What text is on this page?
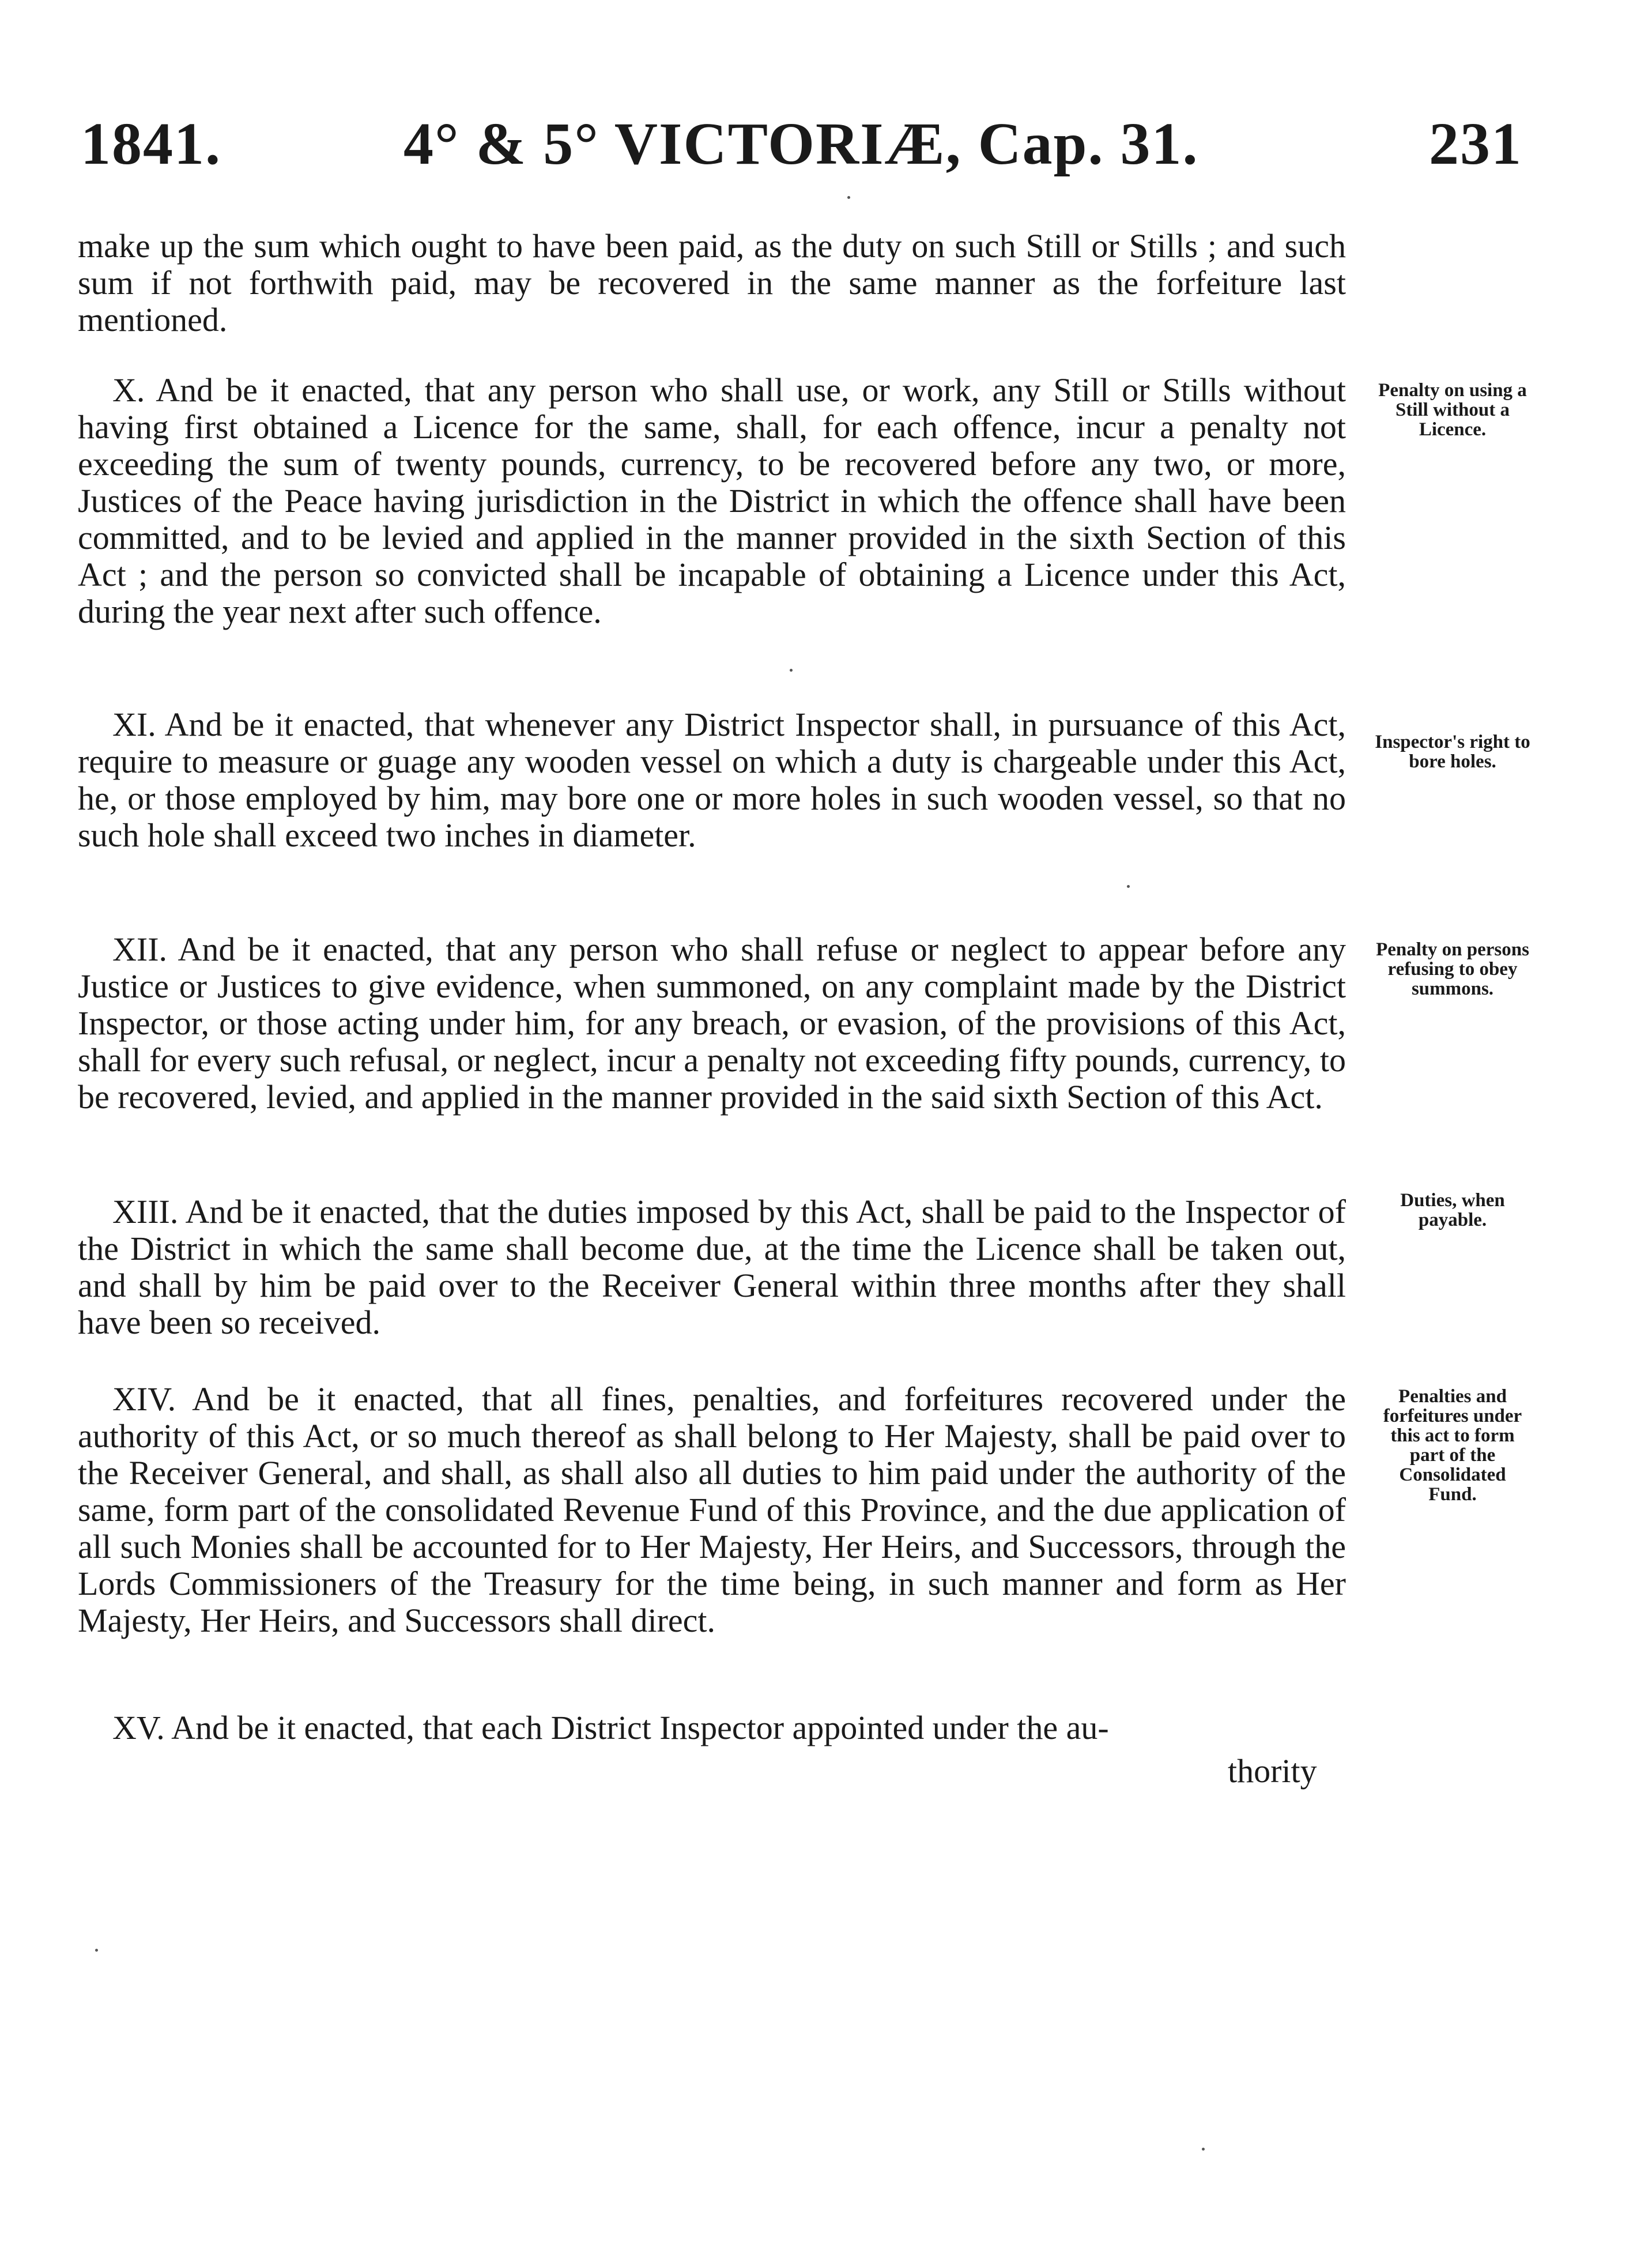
1841.	4° & 5° VICTORIÆ, Cap. 31.	231

make up the sum which ought to have been paid, as the duty on such Still or Stills ; and such sum if not forthwith paid, may be recovered in the same manner as the forfeiture last mentioned.

X. And be it enacted, that any person who shall use, or work, any Still or Stills without having first obtained a Licence for the same, shall, for each offence, incur a penalty not exceeding the sum of twenty pounds, currency, to be recovered before any two, or more, Justices of the Peace having jurisdiction in the District in which the offence shall have been committed, and to be levied and applied in the manner provided in the sixth Section of this Act ; and the person so convicted shall be incapable of obtaining a Licence under this Act, during the year next after such offence.

Penalty on using a Still without a Licence.

XI. And be it enacted, that whenever any District Inspector shall, in pursuance of this Act, require to measure or guage any wooden vessel on which a duty is chargeable under this Act, he, or those employed by him, may bore one or more holes in such wooden vessel, so that no such hole shall exceed two inches in diameter.

Inspector's right to bore holes.

XII. And be it enacted, that any person who shall refuse or neglect to appear before any Justice or Justices to give evidence, when summoned, on any complaint made by the District Inspector, or those acting under him, for any breach, or evasion, of the provisions of this Act, shall for every such refusal, or neglect, incur a penalty not exceeding fifty pounds, currency, to be recovered, levied, and applied in the manner provided in the said sixth Section of this Act.

Penalty on persons refusing to obey summons.

XIII. And be it enacted, that the duties imposed by this Act, shall be paid to the Inspector of the District in which the same shall become due, at the time the Licence shall be taken out, and shall by him be paid over to the Receiver General within three months after they shall have been so received.

Duties, when payable.

XIV. And be it enacted, that all fines, penalties, and forfeitures recovered under the authority of this Act, or so much thereof as shall belong to Her Majesty, shall be paid over to the Receiver General, and shall, as shall also all duties to him paid under the authority of the same, form part of the consolidated Revenue Fund of this Province, and the due application of all such Monies shall be accounted for to Her Majesty, Her Heirs, and Successors, through the Lords Commissioners of the Treasury for the time being, in such manner and form as Her Majesty, Her Heirs, and Successors shall direct.

Penalties and forfeitures under this act to form part of the Consolidated Fund.

XV. And be it enacted, that each District Inspector appointed under the au-

thority
